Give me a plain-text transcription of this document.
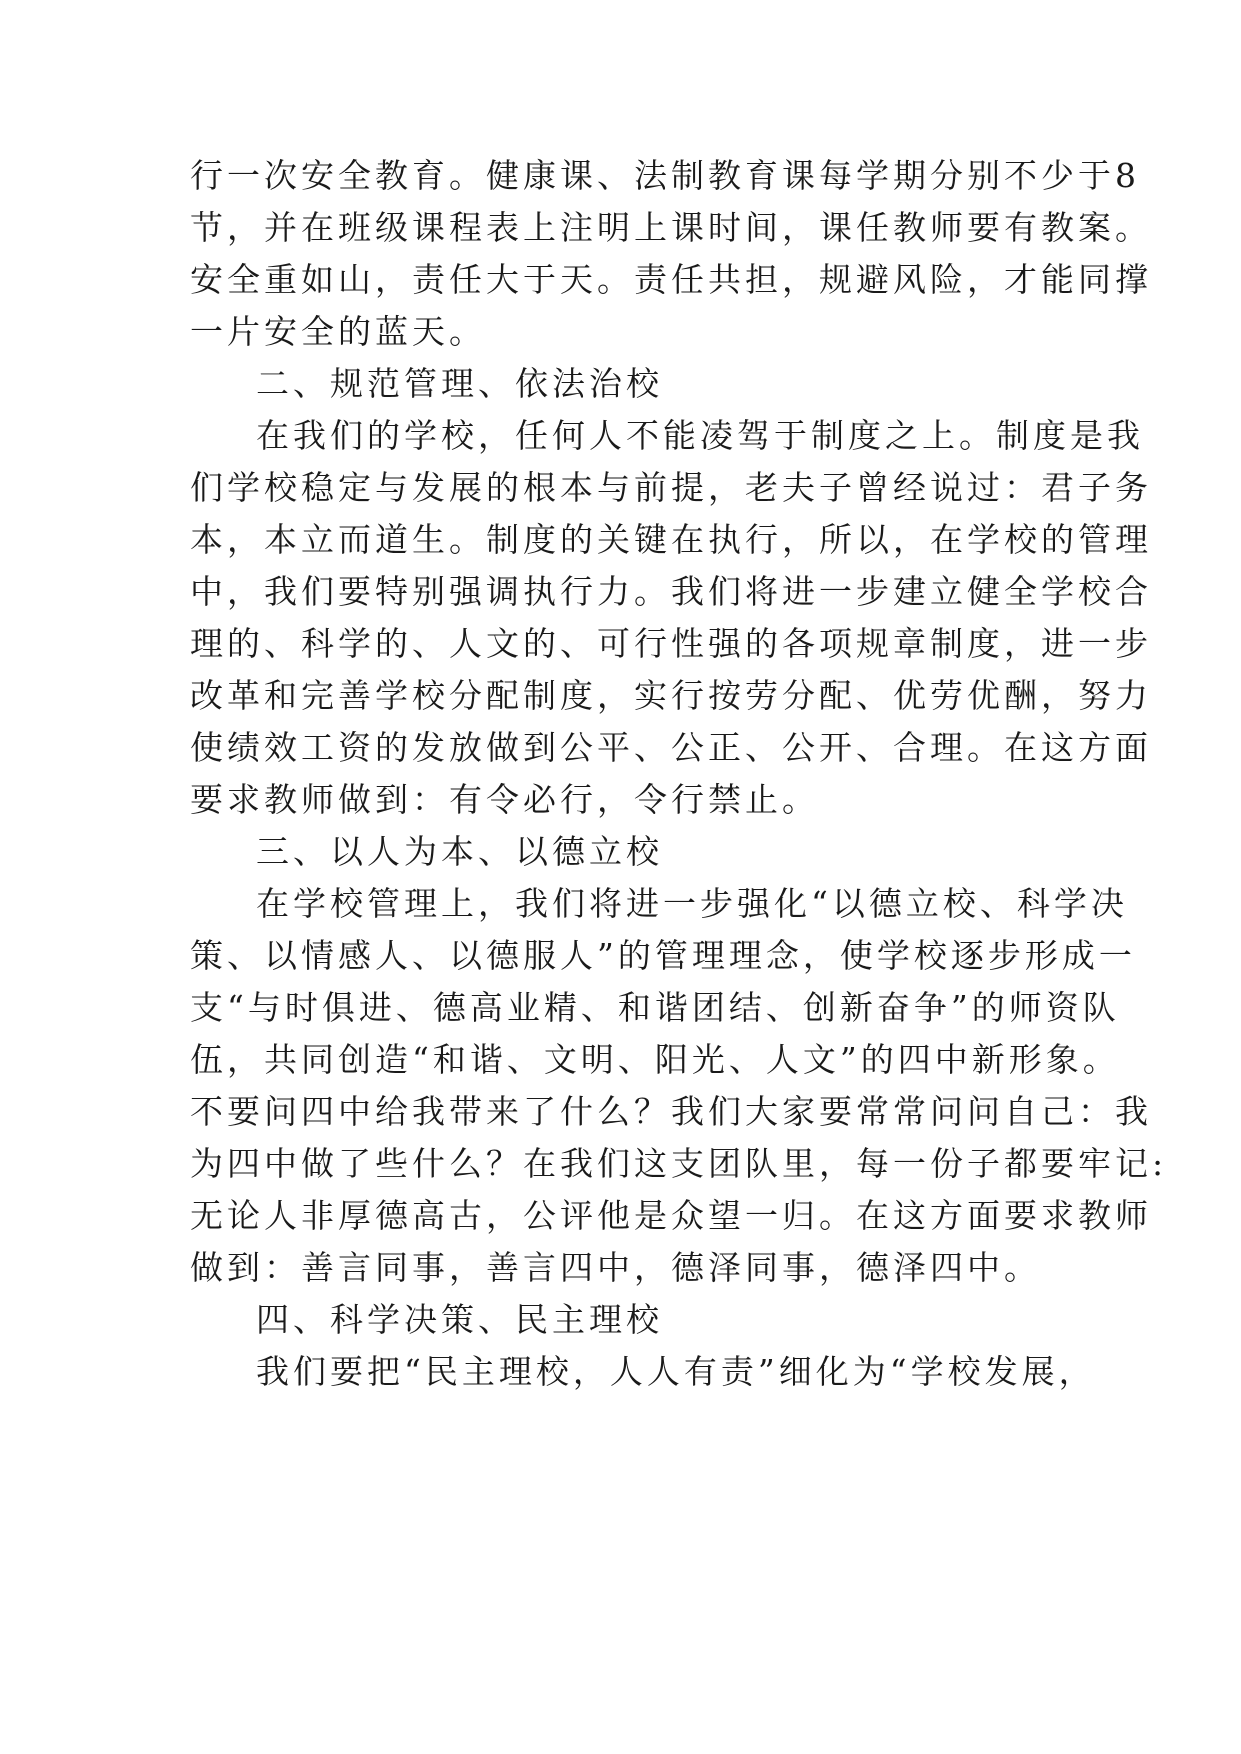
行一次安全教育。健康课、法制教育课每学期分别不少于8
节，并在班级课程表上注明上课时间，课任教师要有教案。
安全重如山，责任大于天。责任共担，规避风险，才能同撑
一片安全的蓝天。
二、规范管理、依法治校
在我们的学校，任何人不能凌驾于制度之上。制度是我
们学校稳定与发展的根本与前提，老夫子曾经说过：君子务
本，本立而道生。制度的关键在执行，所以，在学校的管理
中，我们要特别强调执行力。我们将进一步建立健全学校合
理的、科学的、人文的、可行性强的各项规章制度，进一步
改革和完善学校分配制度，实行按劳分配、优劳优酬，努力
使绩效工资的发放做到公平、公正、公开、合理。在这方面
要求教师做到：有令必行，令行禁止。
三、以人为本、以德立校
在学校管理上，我们将进一步强化“以德立校、科学决
策、以情感人、以德服人”的管理理念，使学校逐步形成一
支“与时俱进、德高业精、和谐团结、创新奋争”的师资队
伍，共同创造“和谐、文明、阳光、人文”的四中新形象。
不要问四中给我带来了什么？我们大家要常常问问自己：我
为四中做了些什么？在我们这支团队里，每一份子都要牢记:
无论人非厚德高古，公评他是众望一归。在这方面要求教师
做到：善言同事，善言四中，德泽同事，德泽四中。
四、科学决策、民主理校
我们要把“民主理校，人人有责”细化为“学校发展，
